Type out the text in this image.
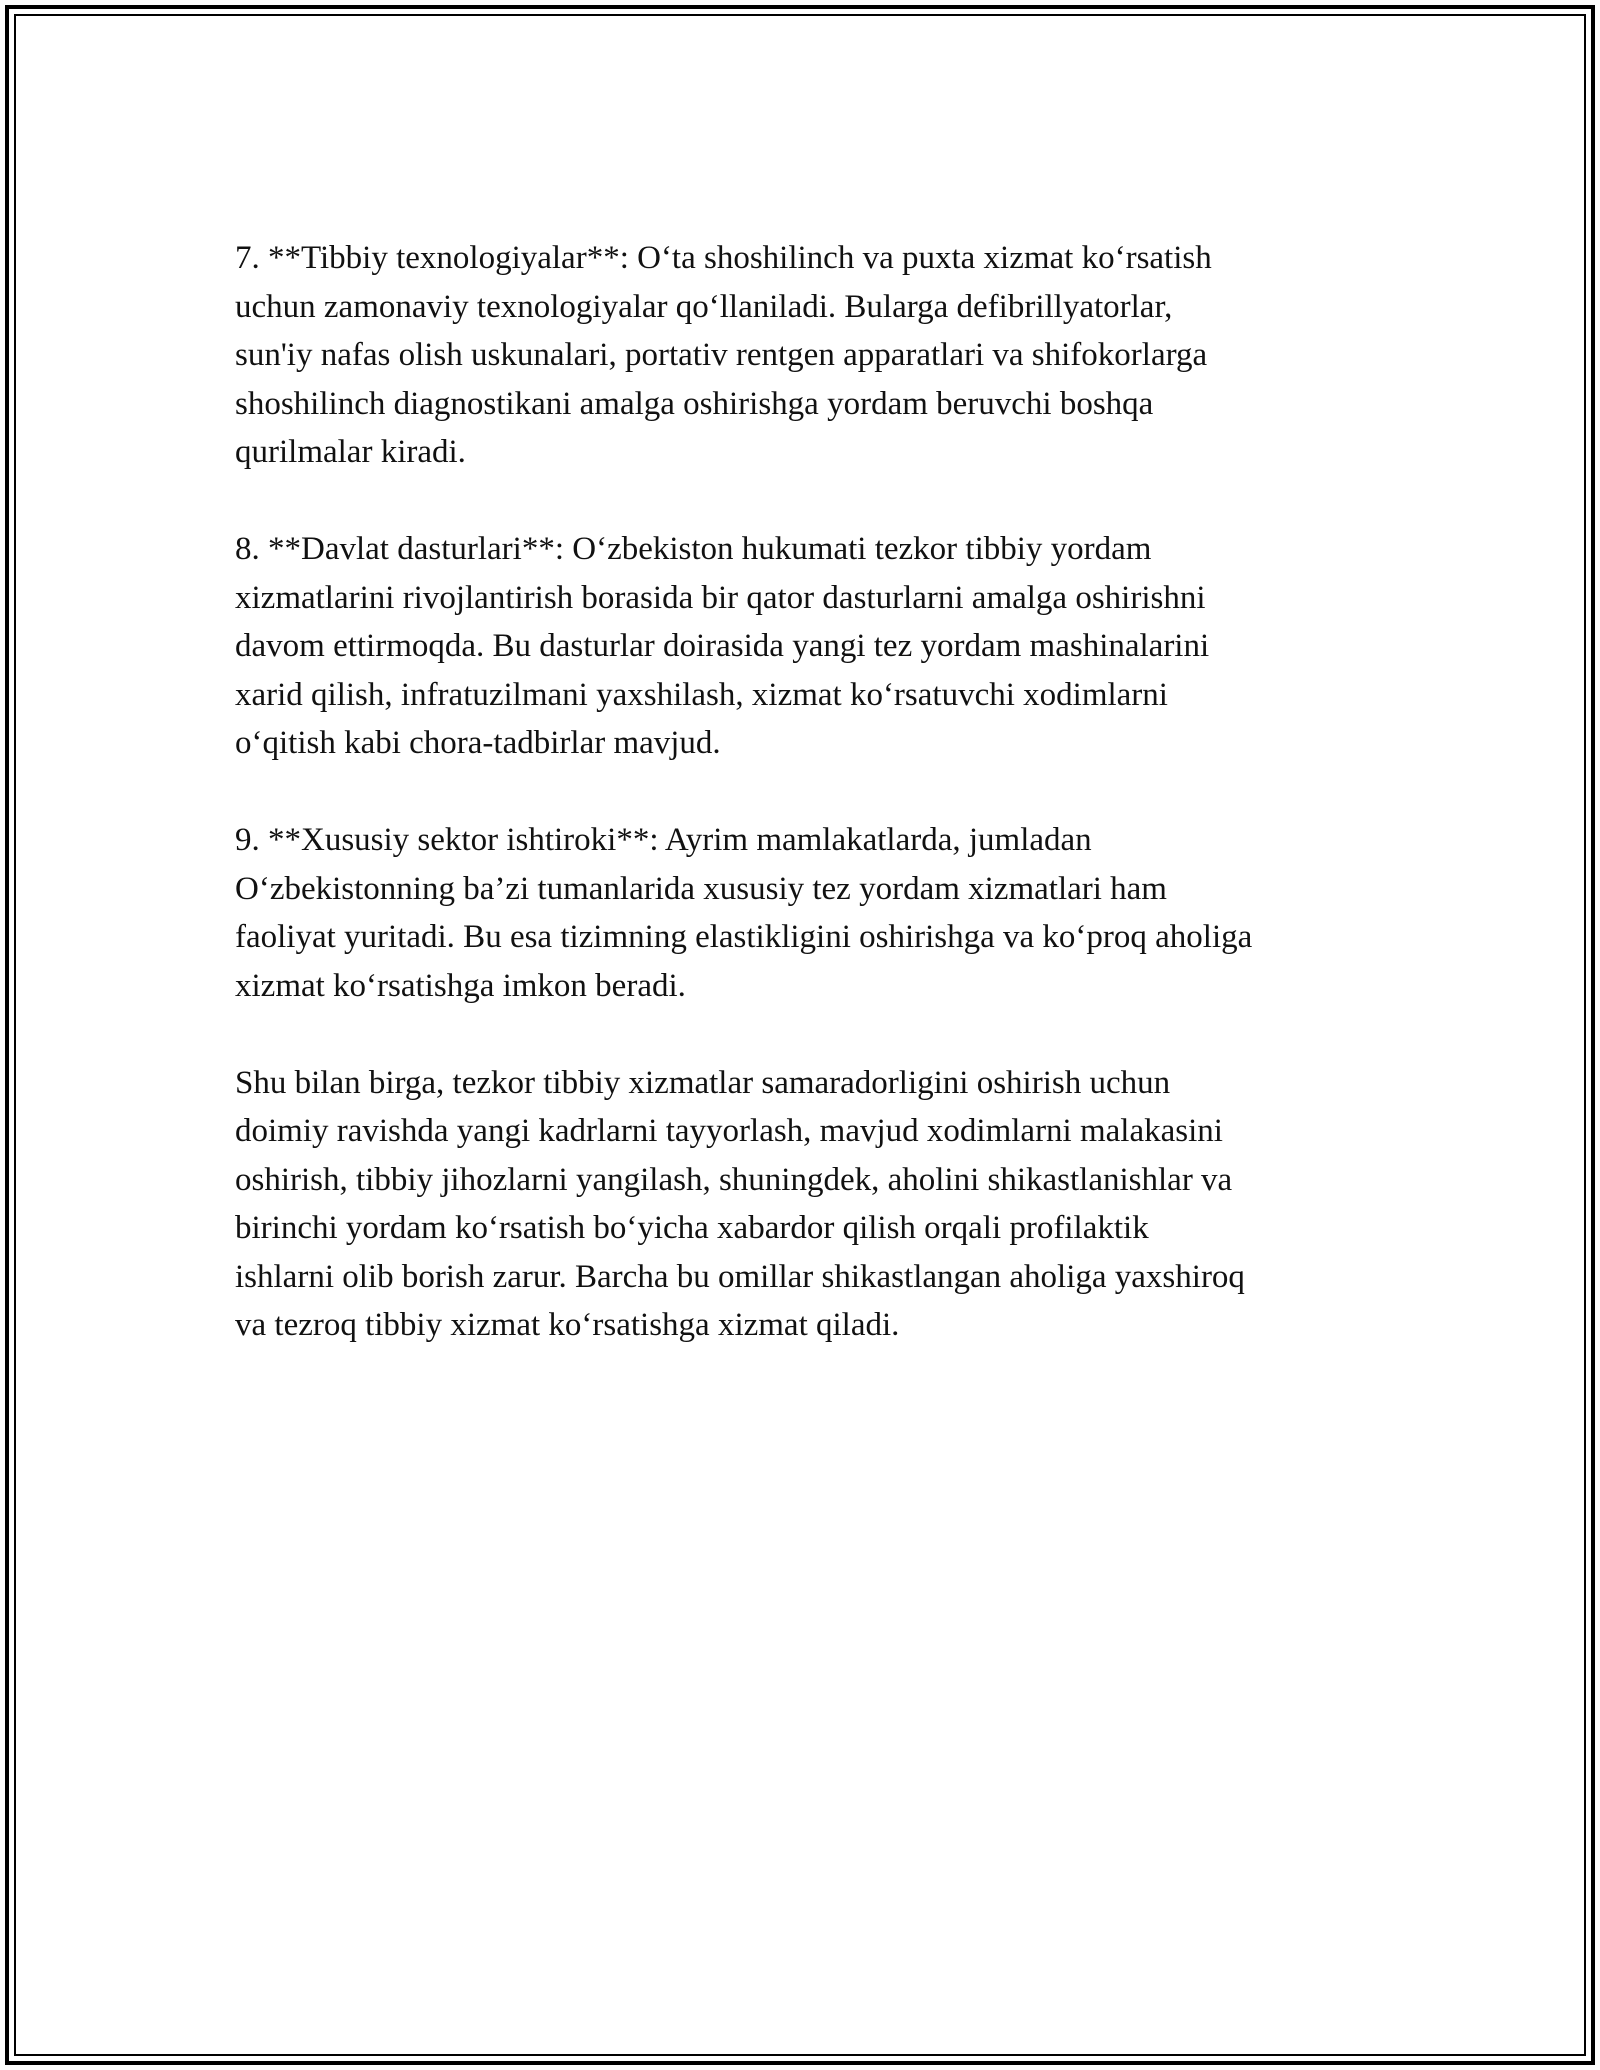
7. **Tibbiy texnologiyalar**: O‘ta shoshilinch va puxta xizmat ko‘rsatish
uchun zamonaviy texnologiyalar qo‘llaniladi. Bularga defibrillyatorlar,
sun'iy nafas olish uskunalari, portativ rentgen apparatlari va shifokorlarga
shoshilinch diagnostikani amalga oshirishga yordam beruvchi boshqa
qurilmalar kiradi.

8. **Davlat dasturlari**: O‘zbekiston hukumati tezkor tibbiy yordam
xizmatlarini rivojlantirish borasida bir qator dasturlarni amalga oshirishni
davom ettirmoqda. Bu dasturlar doirasida yangi tez yordam mashinalarini
xarid qilish, infratuzilmani yaxshilash, xizmat ko‘rsatuvchi xodimlarni
o‘qitish kabi chora-tadbirlar mavjud.

9. **Xususiy sektor ishtiroki**: Ayrim mamlakatlarda, jumladan
O‘zbekistonning ba’zi tumanlarida xususiy tez yordam xizmatlari ham
faoliyat yuritadi. Bu esa tizimning elastikligini oshirishga va ko‘proq aholiga
xizmat ko‘rsatishga imkon beradi.

Shu bilan birga, tezkor tibbiy xizmatlar samaradorligini oshirish uchun
doimiy ravishda yangi kadrlarni tayyorlash, mavjud xodimlarni malakasini
oshirish, tibbiy jihozlarni yangilash, shuningdek, aholini shikastlanishlar va
birinchi yordam ko‘rsatish bo‘yicha xabardor qilish orqali profilaktik
ishlarni olib borish zarur. Barcha bu omillar shikastlangan aholiga yaxshiroq
va tezroq tibbiy xizmat ko‘rsatishga xizmat qiladi.
